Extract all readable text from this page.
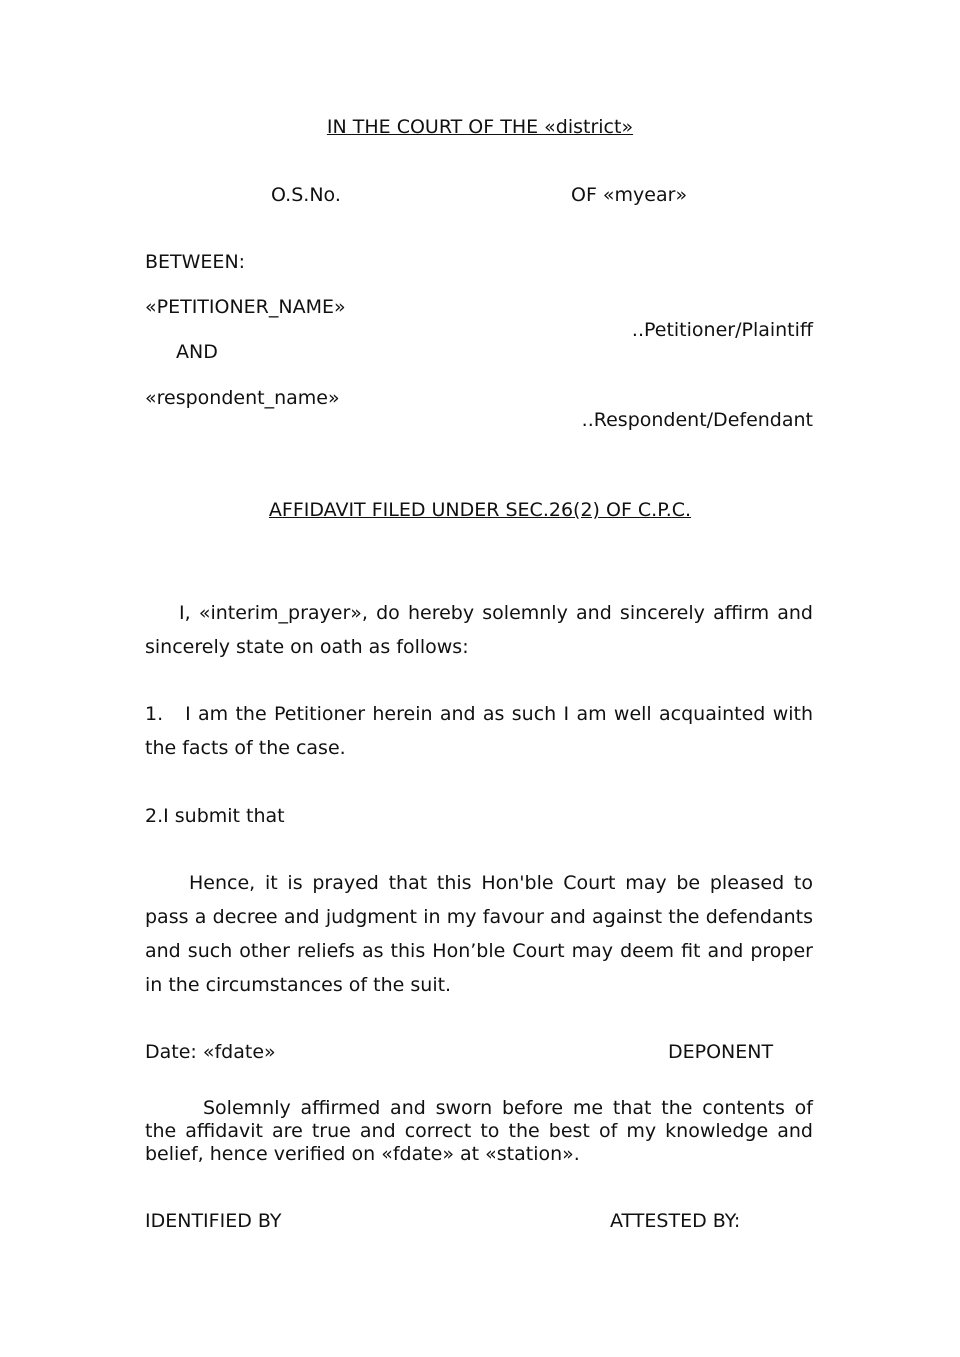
IN THE COURT OF THE «district»
O.S.No.	OF «myear»
BETWEEN:
«PETITIONER_NAME»
..Petitioner/Plaintiff
AND
«respondent_name»
..Respondent/Defendant
AFFIDAVIT FILED UNDER SEC.26(2) OF C.P.C.
I, «interim_prayer», do hereby solemnly and sincerely affirm and sincerely state on oath as follows:
1.   I am the Petitioner herein and as such I am well acquainted with the facts of the case.
2.I submit that
Hence, it is prayed that this Hon'ble Court may be pleased to pass a decree and judgment in my favour and against the defendants and such other reliefs as this Hon’ble Court may deem fit and proper in the circumstances of the suit.
Date: «fdate»	DEPONENT
Solemnly affirmed and sworn before me that the contents of the affidavit are true and correct to the best of my knowledge and belief, hence verified on «fdate» at «station».
IDENTIFIED BY	ATTESTED BY:
